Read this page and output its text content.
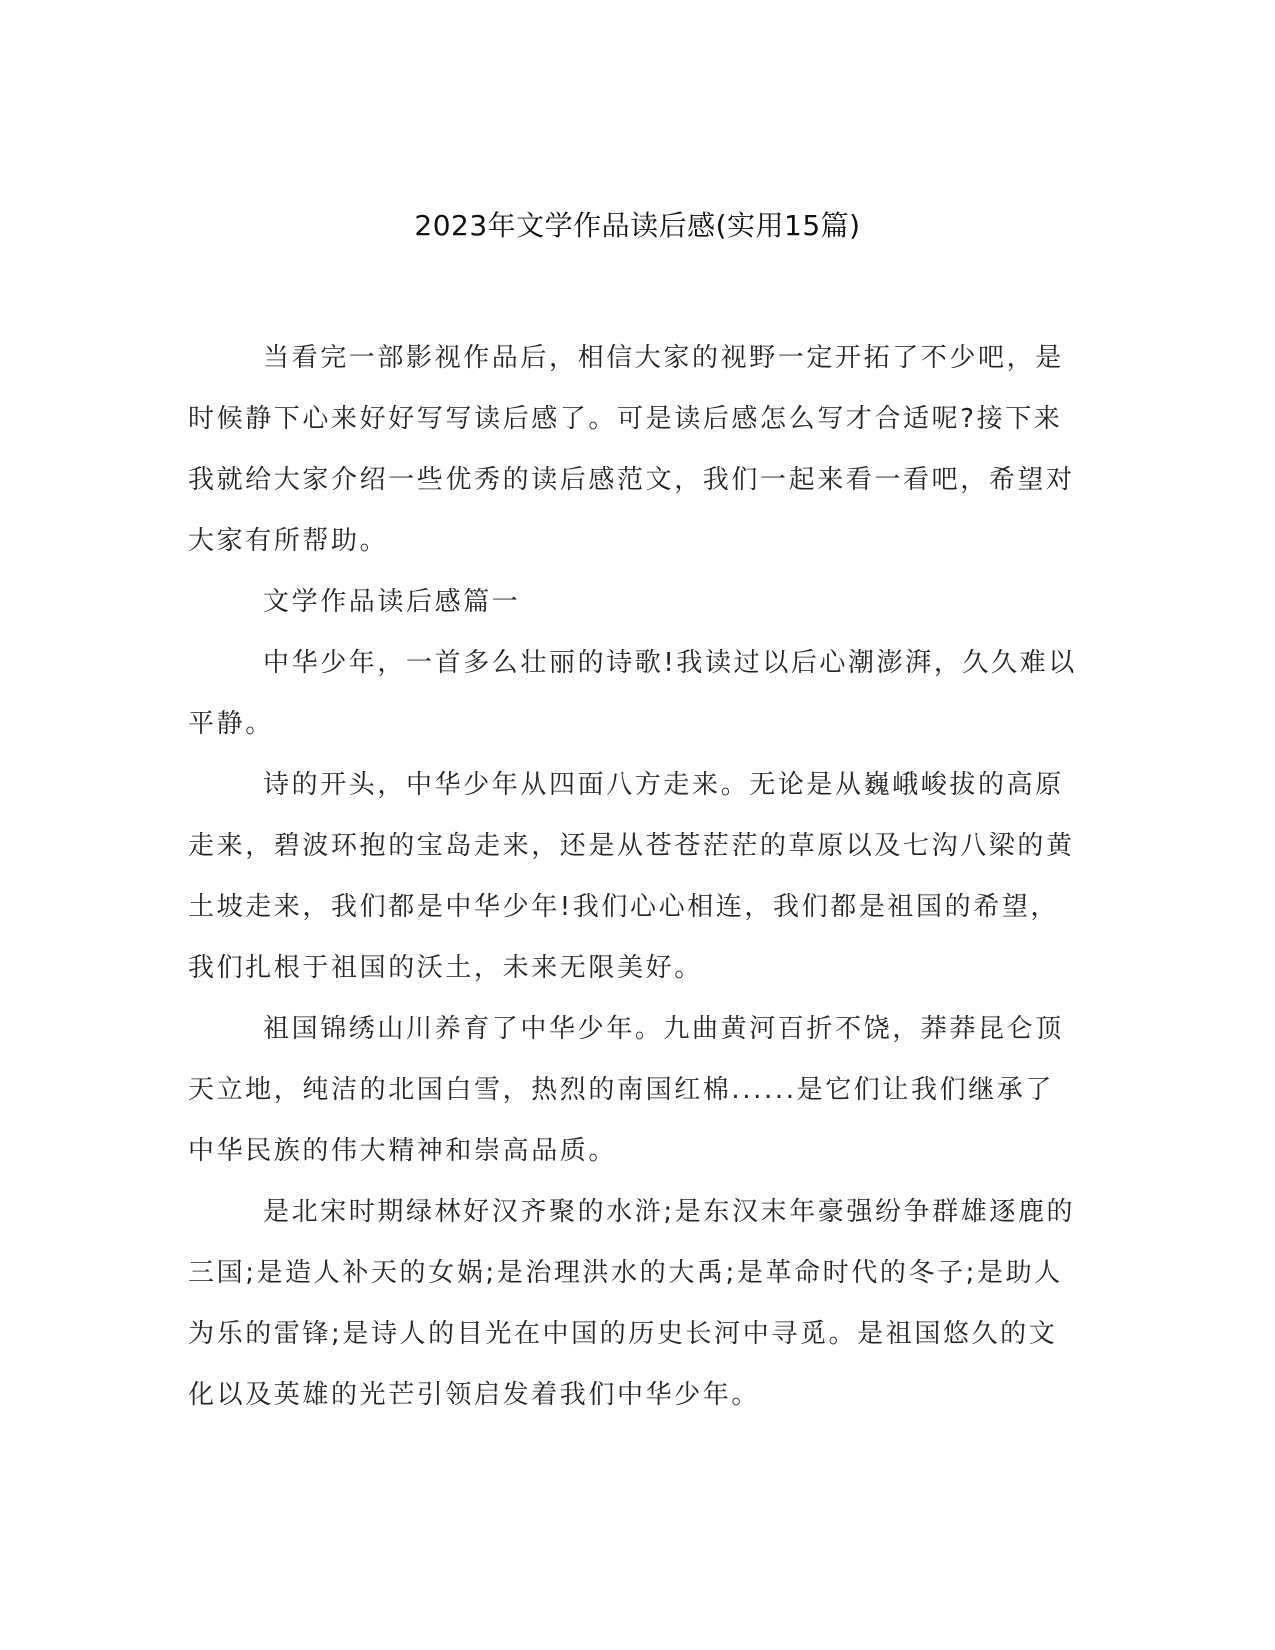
2023年文学作品读后感(实用15篇)

当看完一部影视作品后，相信大家的视野一定开拓了不少吧，是时候静下心来好好写写读后感了。可是读后感怎么写才合适呢?接下来我就给大家介绍一些优秀的读后感范文，我们一起来看一看吧，希望对大家有所帮助。

文学作品读后感篇一

中华少年，一首多么壮丽的诗歌!我读过以后心潮澎湃，久久难以平静。

诗的开头，中华少年从四面八方走来。无论是从巍峨峻拔的高原走来，碧波环抱的宝岛走来，还是从苍苍茫茫的草原以及七沟八梁的黄土坡走来，我们都是中华少年!我们心心相连，我们都是祖国的希望，我们扎根于祖国的沃土，未来无限美好。

祖国锦绣山川养育了中华少年。九曲黄河百折不饶，莽莽昆仑顶天立地，纯洁的北国白雪，热烈的南国红棉......是它们让我们继承了中华民族的伟大精神和崇高品质。

是北宋时期绿林好汉齐聚的水浒;是东汉末年豪强纷争群雄逐鹿的三国;是造人补天的女娲;是治理洪水的大禹;是革命时代的冬子;是助人为乐的雷锋;是诗人的目光在中国的历史长河中寻觅。是祖国悠久的文化以及英雄的光芒引领启发着我们中华少年。
